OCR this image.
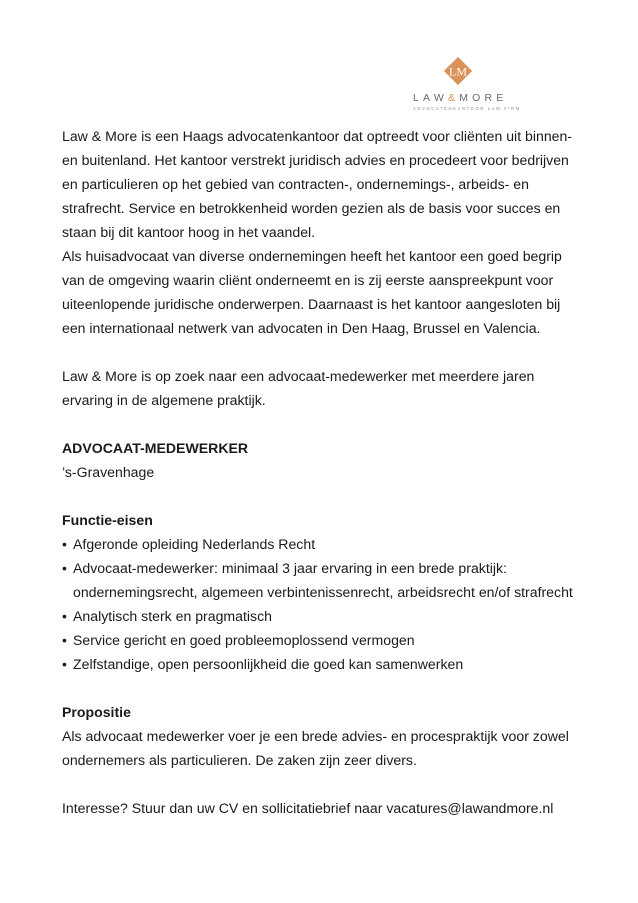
LM
LAW&MORE
ADVOCATENKANTOOR LAW FIRM

Law & More is een Haags advocatenkantoor dat optreedt voor cliënten uit binnen-en buitenland. Het kantoor verstrekt juridisch advies en procedeert voor bedrijven en particulieren op het gebied van contracten-, ondernemings-, arbeids- en strafrecht. Service en betrokkenheid worden gezien als de basis voor succes en staan bij dit kantoor hoog in het vaandel.

Als huisadvocaat van diverse ondernemingen heeft het kantoor een goed begrip van de omgeving waarin cliënt onderneemt en is zij eerste aanspreekpunt voor uiteenlopende juridische onderwerpen. Daarnaast is het kantoor aangesloten bij een internationaal netwerk van advocaten in Den Haag, Brussel en Valencia.

Law & More is op zoek naar een advocaat-medewerker met meerdere jaren ervaring in de algemene praktijk.

ADVOCAAT-MEDEWERKER

’s-Gravenhage

Functie-eisen

• Afgeronde opleiding Nederlands Recht
• Advocaat-medewerker: minimaal 3 jaar ervaring in een brede praktijk: ondernemingsrecht, algemeen verbintenissenrecht, arbeidsrecht en/of strafrecht
• Analytisch sterk en pragmatisch
• Service gericht en goed probleemoplossend vermogen
• Zelfstandige, open persoonlijkheid die goed kan samenwerken

Propositie

Als advocaat medewerker voer je een brede advies- en procespraktijk voor zowel ondernemers als particulieren. De zaken zijn zeer divers.

Interesse? Stuur dan uw CV en sollicitatiebrief naar vacatures@lawandmore.nl
